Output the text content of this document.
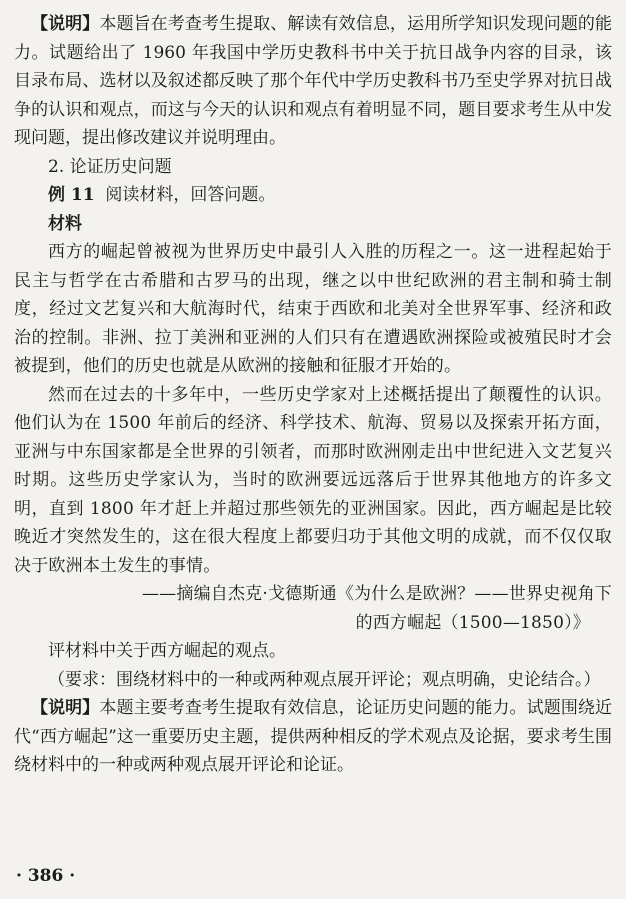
【说明】本题旨在考查考生提取、解读有效信息，运用所学知识发现问题的能力。试题给出了 1960 年我国中学历史教科书中关于抗日战争内容的目录，该目录布局、选材以及叙述都反映了那个年代中学历史教科书乃至史学界对抗日战争的认识和观点，而这与今天的认识和观点有着明显不同，题目要求考生从中发现问题，提出修改建议并说明理由。

2. 论证历史问题

例 11 阅读材料，回答问题。

材料

西方的崛起曾被视为世界历史中最引人入胜的历程之一。这一进程起始于民主与哲学在古希腊和古罗马的出现，继之以中世纪欧洲的君主制和骑士制度，经过文艺复兴和大航海时代，结束于西欧和北美对全世界军事、经济和政治的控制。非洲、拉丁美洲和亚洲的人们只有在遭遇欧洲探险或被殖民时才会被提到，他们的历史也就是从欧洲的接触和征服才开始的。

然而在过去的十多年中，一些历史学家对上述概括提出了颠覆性的认识。他们认为在 1500 年前后的经济、科学技术、航海、贸易以及探索开拓方面，亚洲与中东国家都是全世界的引领者，而那时欧洲刚走出中世纪进入文艺复兴时期。这些历史学家认为，当时的欧洲要远远落后于世界其他地方的许多文明，直到 1800 年才赶上并超过那些领先的亚洲国家。因此，西方崛起是比较晚近才突然发生的，这在很大程度上都要归功于其他文明的成就，而不仅仅取决于欧洲本土发生的事情。

——摘编自杰克·戈德斯通《为什么是欧洲？——世界史视角下

的西方崛起（1500—1850）》

评材料中关于西方崛起的观点。

（要求：围绕材料中的一种或两种观点展开评论；观点明确，史论结合。）

【说明】本题主要考查考生提取有效信息，论证历史问题的能力。试题围绕近代“西方崛起”这一重要历史主题，提供两种相反的学术观点及论据，要求考生围绕材料中的一种或两种观点展开评论和论证。

· 386 ·
